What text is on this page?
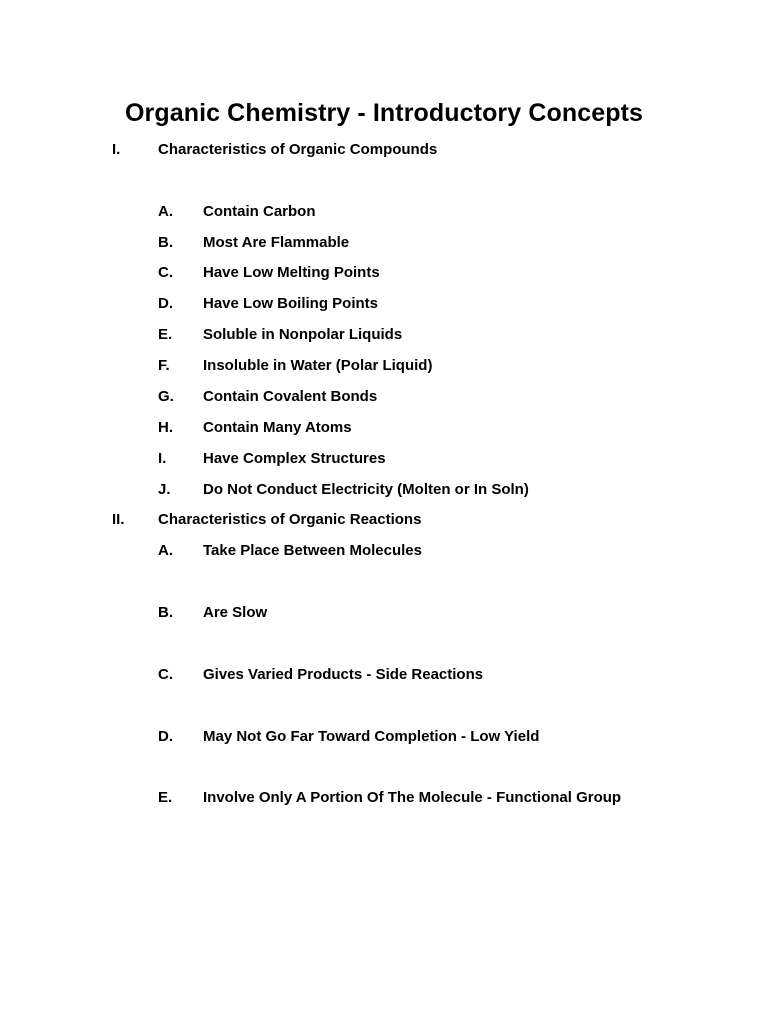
Organic Chemistry - Introductory Concepts
I.	Characteristics of Organic Compounds
A. Contain Carbon
B. Most Are Flammable
C. Have Low Melting Points
D. Have Low Boiling Points
E. Soluble in Nonpolar Liquids
F. Insoluble in Water (Polar Liquid)
G. Contain Covalent Bonds
H. Contain Many Atoms
I. Have Complex Structures
J. Do Not Conduct Electricity (Molten or In Soln)
II. Characteristics of Organic Reactions
A. Take Place Between Molecules
B. Are Slow
C. Gives Varied Products - Side Reactions
D. May Not Go Far Toward Completion - Low Yield
E. Involve Only A Portion Of The Molecule - Functional Group
